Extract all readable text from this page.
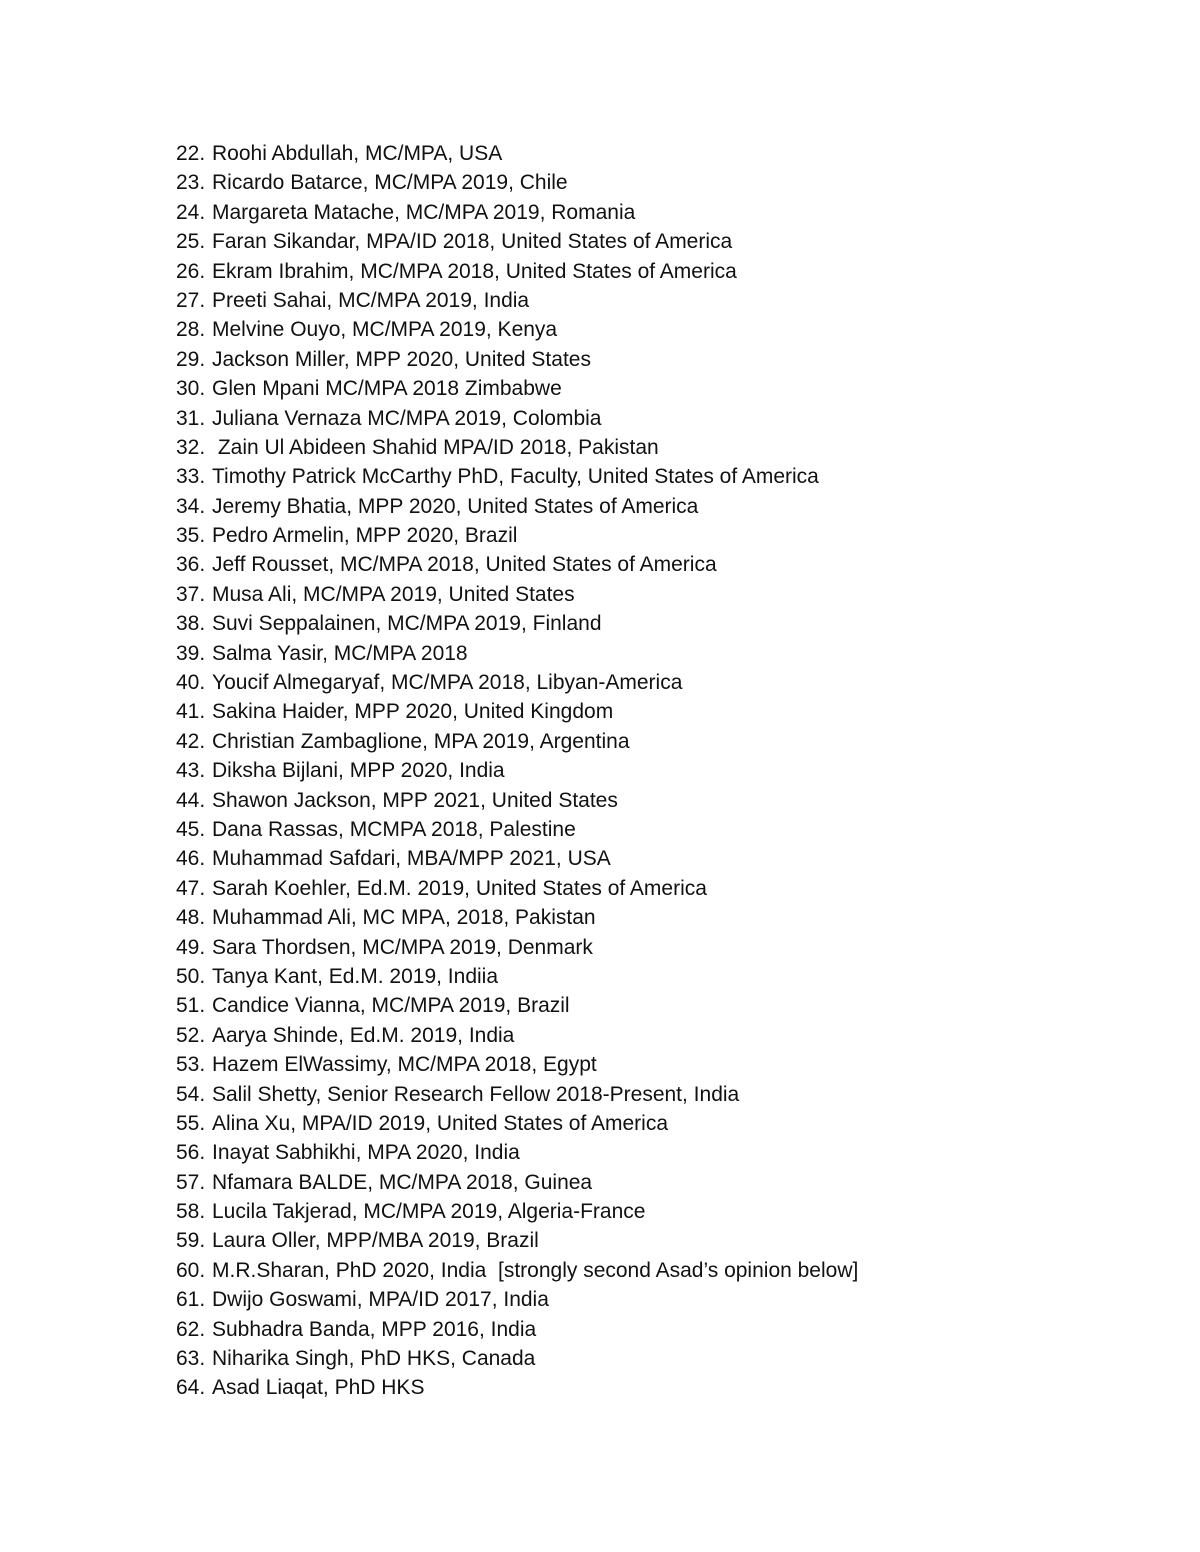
22. Roohi Abdullah, MC/MPA, USA
23. Ricardo Batarce, MC/MPA 2019, Chile
24. Margareta Matache, MC/MPA 2019, Romania
25. Faran Sikandar, MPA/ID 2018, United States of America
26. Ekram Ibrahim, MC/MPA 2018, United States of America
27. Preeti Sahai, MC/MPA 2019, India
28. Melvine Ouyo, MC/MPA 2019, Kenya
29. Jackson Miller, MPP 2020, United States
30. Glen Mpani MC/MPA 2018 Zimbabwe
31. Juliana Vernaza MC/MPA 2019, Colombia
32. Zain Ul Abideen Shahid MPA/ID 2018, Pakistan
33. Timothy Patrick McCarthy PhD, Faculty, United States of America
34. Jeremy Bhatia, MPP 2020, United States of America
35. Pedro Armelin, MPP 2020, Brazil
36. Jeff Rousset, MC/MPA 2018, United States of America
37. Musa Ali, MC/MPA 2019, United States
38. Suvi Seppalainen, MC/MPA 2019, Finland
39. Salma Yasir, MC/MPA 2018
40. Youcif Almegaryaf, MC/MPA 2018, Libyan-America
41. Sakina Haider, MPP 2020, United Kingdom
42. Christian Zambaglione, MPA 2019, Argentina
43. Diksha Bijlani, MPP 2020, India
44. Shawon Jackson, MPP 2021, United States
45. Dana Rassas, MCMPA 2018, Palestine
46. Muhammad Safdari, MBA/MPP 2021, USA
47. Sarah Koehler, Ed.M. 2019, United States of America
48. Muhammad Ali, MC MPA, 2018, Pakistan
49. Sara Thordsen, MC/MPA 2019, Denmark
50. Tanya Kant, Ed.M. 2019, Indiia
51. Candice Vianna, MC/MPA 2019, Brazil
52. Aarya Shinde, Ed.M. 2019, India
53. Hazem ElWassimy, MC/MPA 2018, Egypt
54. Salil Shetty, Senior Research Fellow 2018-Present, India
55. Alina Xu, MPA/ID 2019, United States of America
56. Inayat Sabhikhi, MPA 2020, India
57. Nfamara BALDE, MC/MPA 2018, Guinea
58. Lucila Takjerad, MC/MPA 2019, Algeria-France
59. Laura Oller, MPP/MBA 2019, Brazil
60. M.R.Sharan, PhD 2020, India  [strongly second Asad’s opinion below]
61. Dwijo Goswami, MPA/ID 2017, India
62. Subhadra Banda, MPP 2016, India
63. Niharika Singh, PhD HKS, Canada
64. Asad Liaqat, PhD HKS
